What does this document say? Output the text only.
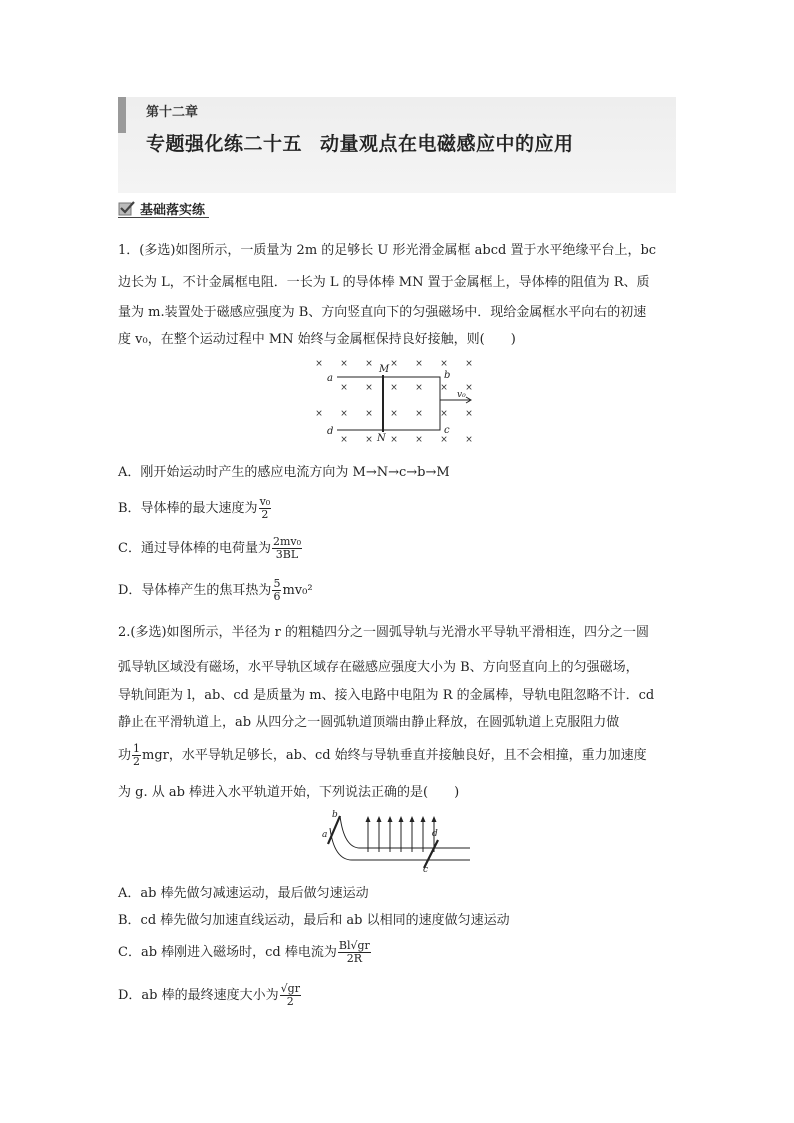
第十二章
专题强化练二十五 动量观点在电磁感应中的应用
基础落实练
1．(多选)如图所示，一质量为 2m 的足够长 U 形光滑金属框 abcd 置于水平绝缘平台上，bc
边长为 L，不计金属框电阻．一长为 L 的导体棒 MN 置于金属框上，导体棒的阻值为 R、质
量为 m.装置处于磁感应强度为 B、方向竖直向下的匀强磁场中．现给金属框水平向右的初速
度 v₀，在整个运动过程中 MN 始终与金属框保持良好接触，则(　　)
× × × × × × ×
× × × × × ×
× × × × × × ×
× × × × × ×
a	b
c
d
M
N
v₀
A．刚开始运动时产生的感应电流方向为 M→N→c→b→M
B．导体棒的最大速度为 $\frac{\text{v₀}}{2}$
C．通过导体棒的电荷量为 $\frac{\text{2mv₀}}{3BL}$
D．导体棒产生的焦耳热为 $\frac{5}{6} mv_0^2$
2.(多选)如图所示，半径为 r 的粗糙四分之一圆弧导轨与光滑水平导轨平滑相连，四分之一圆
弧导轨区域没有磁场，水平导轨区域存在磁感应强度大小为 B、方向竖直向上的匀强磁场，
导轨间距为 l，ab、cd 是质量为 m、接入电路中电阻为 R 的金属棒，导轨电阻忽略不计．cd
静止在平滑轨道上，ab 从四分之一圆弧轨道顶端由静止释放，在圆弧轨道上克服阻力做
功 $\frac{1}{2}$ mgr，水平导轨足够长，ab、cd 始终与导轨垂直并接触良好，且不会相撞，重力加速度
为 g. 从 ab 棒进入水平轨道开始，下列说法正确的是(　　)
b
a	d
c
A．ab 棒先做匀减速运动，最后做匀速运动
B．cd 棒先做匀加速直线运动，最后和 ab 以相同的速度做匀速运动
C．ab 棒刚进入磁场时，cd 棒电流为 $\frac{Bl√gr}{2R}$
D．ab 棒的最终速度大小为 $\frac{√gr}{2}$
